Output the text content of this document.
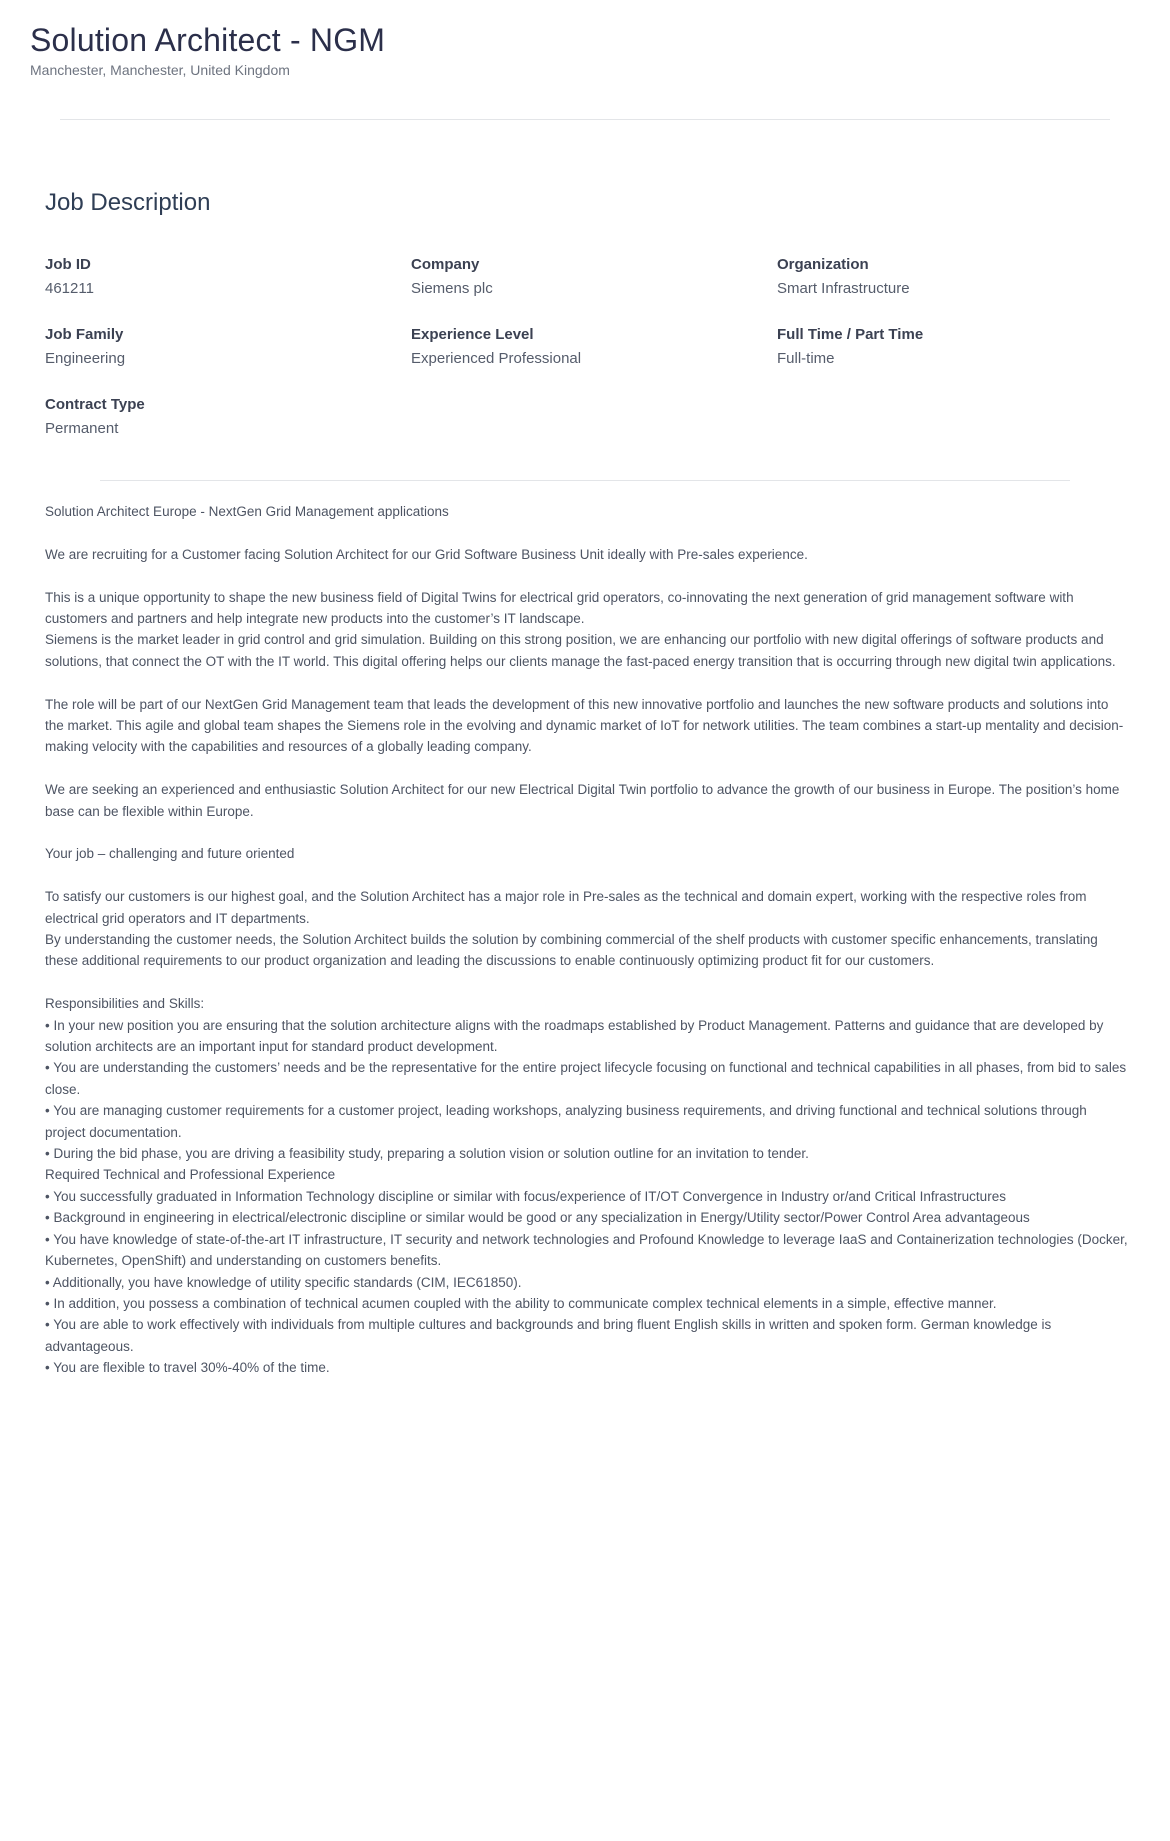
Solution Architect - NGM

Manchester, Manchester, United Kingdom

Job Description
Job ID
461211
Company
Siemens plc
Organization
Smart Infrastructure
Job Family
Engineering
Experience Level
Experienced Professional
Full Time / Part Time
Full-time
Contract Type
Permanent

Solution Architect Europe - NextGen Grid Management applications

We are recruiting for a Customer facing Solution Architect for our Grid Software Business Unit ideally with Pre-sales experience.

This is a unique opportunity to shape the new business field of Digital Twins for electrical grid operators, co-innovating the next generation of grid management software with customers and partners and help integrate new products into the customer’s IT landscape.

Siemens is the market leader in grid control and grid simulation. Building on this strong position, we are enhancing our portfolio with new digital offerings of software products and solutions, that connect the OT with the IT world. This digital offering helps our clients manage the fast-paced energy transition that is occurring through new digital twin applications.

The role will be part of our NextGen Grid Management team that leads the development of this new innovative portfolio and launches the new software products and solutions into the market. This agile and global team shapes the Siemens role in the evolving and dynamic market of IoT for network utilities. The team combines a start-up mentality and decision-making velocity with the capabilities and resources of a globally leading company.

We are seeking an experienced and enthusiastic Solution Architect for our new Electrical Digital Twin portfolio to advance the growth of our business in Europe. The position’s home base can be flexible within Europe.

Your job – challenging and future oriented

To satisfy our customers is our highest goal, and the Solution Architect has a major role in Pre-sales as the technical and domain expert, working with the respective roles from electrical grid operators and IT departments.

By understanding the customer needs, the Solution Architect builds the solution by combining commercial of the shelf products with customer specific enhancements, translating these additional requirements to our product organization and leading the discussions to enable continuously optimizing product fit for our customers.

Responsibilities and Skills:
• In your new position you are ensuring that the solution architecture aligns with the roadmaps established by Product Management. Patterns and guidance that are developed by solution architects are an important input for standard product development.
• You are understanding the customers’ needs and be the representative for the entire project lifecycle focusing on functional and technical capabilities in all phases, from bid to sales close.
• You are managing customer requirements for a customer project, leading workshops, analyzing business requirements, and driving functional and technical solutions through project documentation.
• During the bid phase, you are driving a feasibility study, preparing a solution vision or solution outline for an invitation to tender.
Required Technical and Professional Experience
• You successfully graduated in Information Technology discipline or similar with focus/experience of IT/OT Convergence in Industry or/and Critical Infrastructures
• Background in engineering in electrical/electronic discipline or similar would be good or any specialization in Energy/Utility sector/Power Control Area advantageous
• You have knowledge of state-of-the-art IT infrastructure, IT security and network technologies and Profound Knowledge to leverage IaaS and Containerization technologies (Docker, Kubernetes, OpenShift) and understanding on customers benefits.
• Additionally, you have knowledge of utility specific standards (CIM, IEC61850).
• In addition, you possess a combination of technical acumen coupled with the ability to communicate complex technical elements in a simple, effective manner.
• You are able to work effectively with individuals from multiple cultures and backgrounds and bring fluent English skills in written and spoken form. German knowledge is advantageous.
• You are flexible to travel 30%-40% of the time.
